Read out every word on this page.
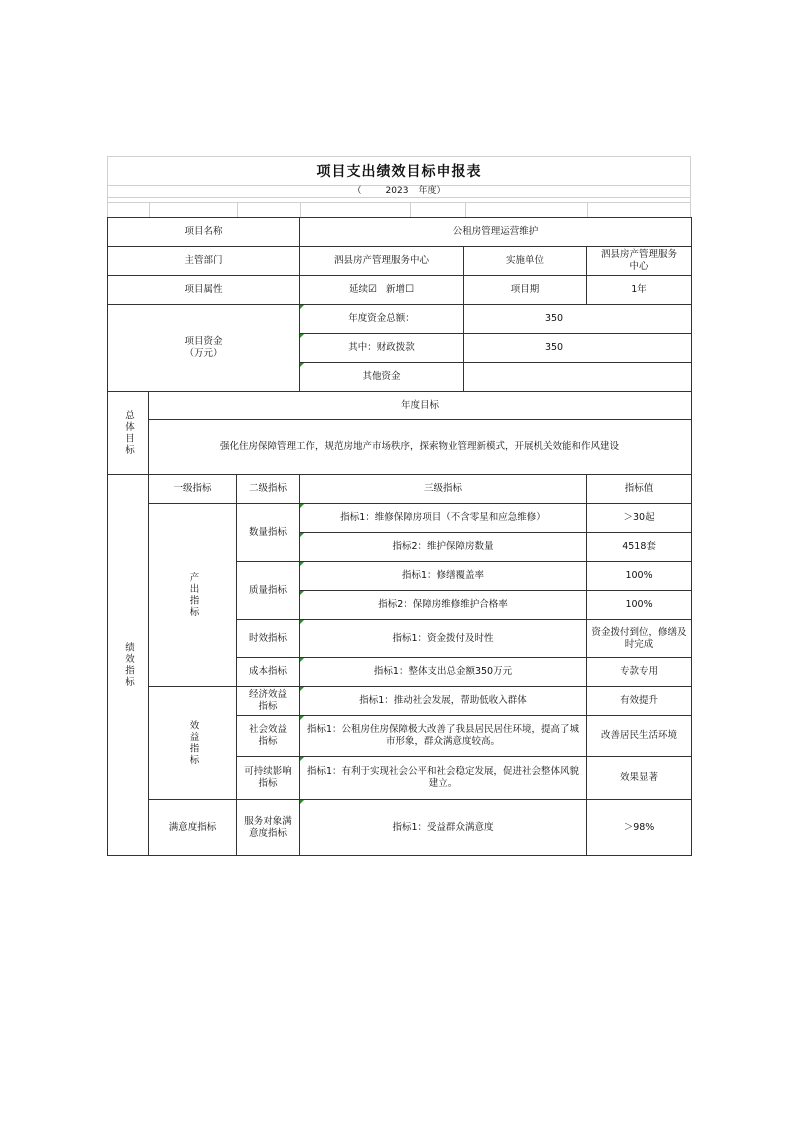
项目支出绩效目标申报表
（	2023 年度）
项目名称			公租房管理运营维护		
主管部门			泗县房产管理服务中心	实施单位	泗县房产管理服务中心
项目属性			延续☑ 新增☐	项目期	1年

项目资金
（万元）			年度资金总额：	350	
			其中：财政拨款	350	
			其他资金		
总体目标	年度目标				
	强化住房保障管理工作，规范房地产市场秩序，探索物业管理新模式，开展机关效能和作风建设				
绩效指标	一级指标	二级指标	三级指标		指标值
	产出指标	数量指标	指标1：维修保障房项目（不含零星和应急维修）		＞30起
			指标2：维护保障房数量		4518套
		质量指标	指标1：修缮覆盖率		100%
			指标2：保障房维修维护合格率		100%
		时效指标	指标1：资金拨付及时性		资金拨付到位，修缮及时完成
		成本指标	指标1：整体支出总金额350万元		专款专用
	效益指标	经济效益指标	指标1：推动社会发展，帮助低收入群体		有效提升
		社会效益指标	指标1：公租房住房保障极大改善了我县居民居住环境，提高了城市形象，群众满意度较高。		改善居民生活环境
		可持续影响指标	指标1：有利于实现社会公平和社会稳定发展，促进社会整体风貌建立。		效果显著
	满意度指标	服务对象满意度指标	指标1：受益群众满意度		＞98%
